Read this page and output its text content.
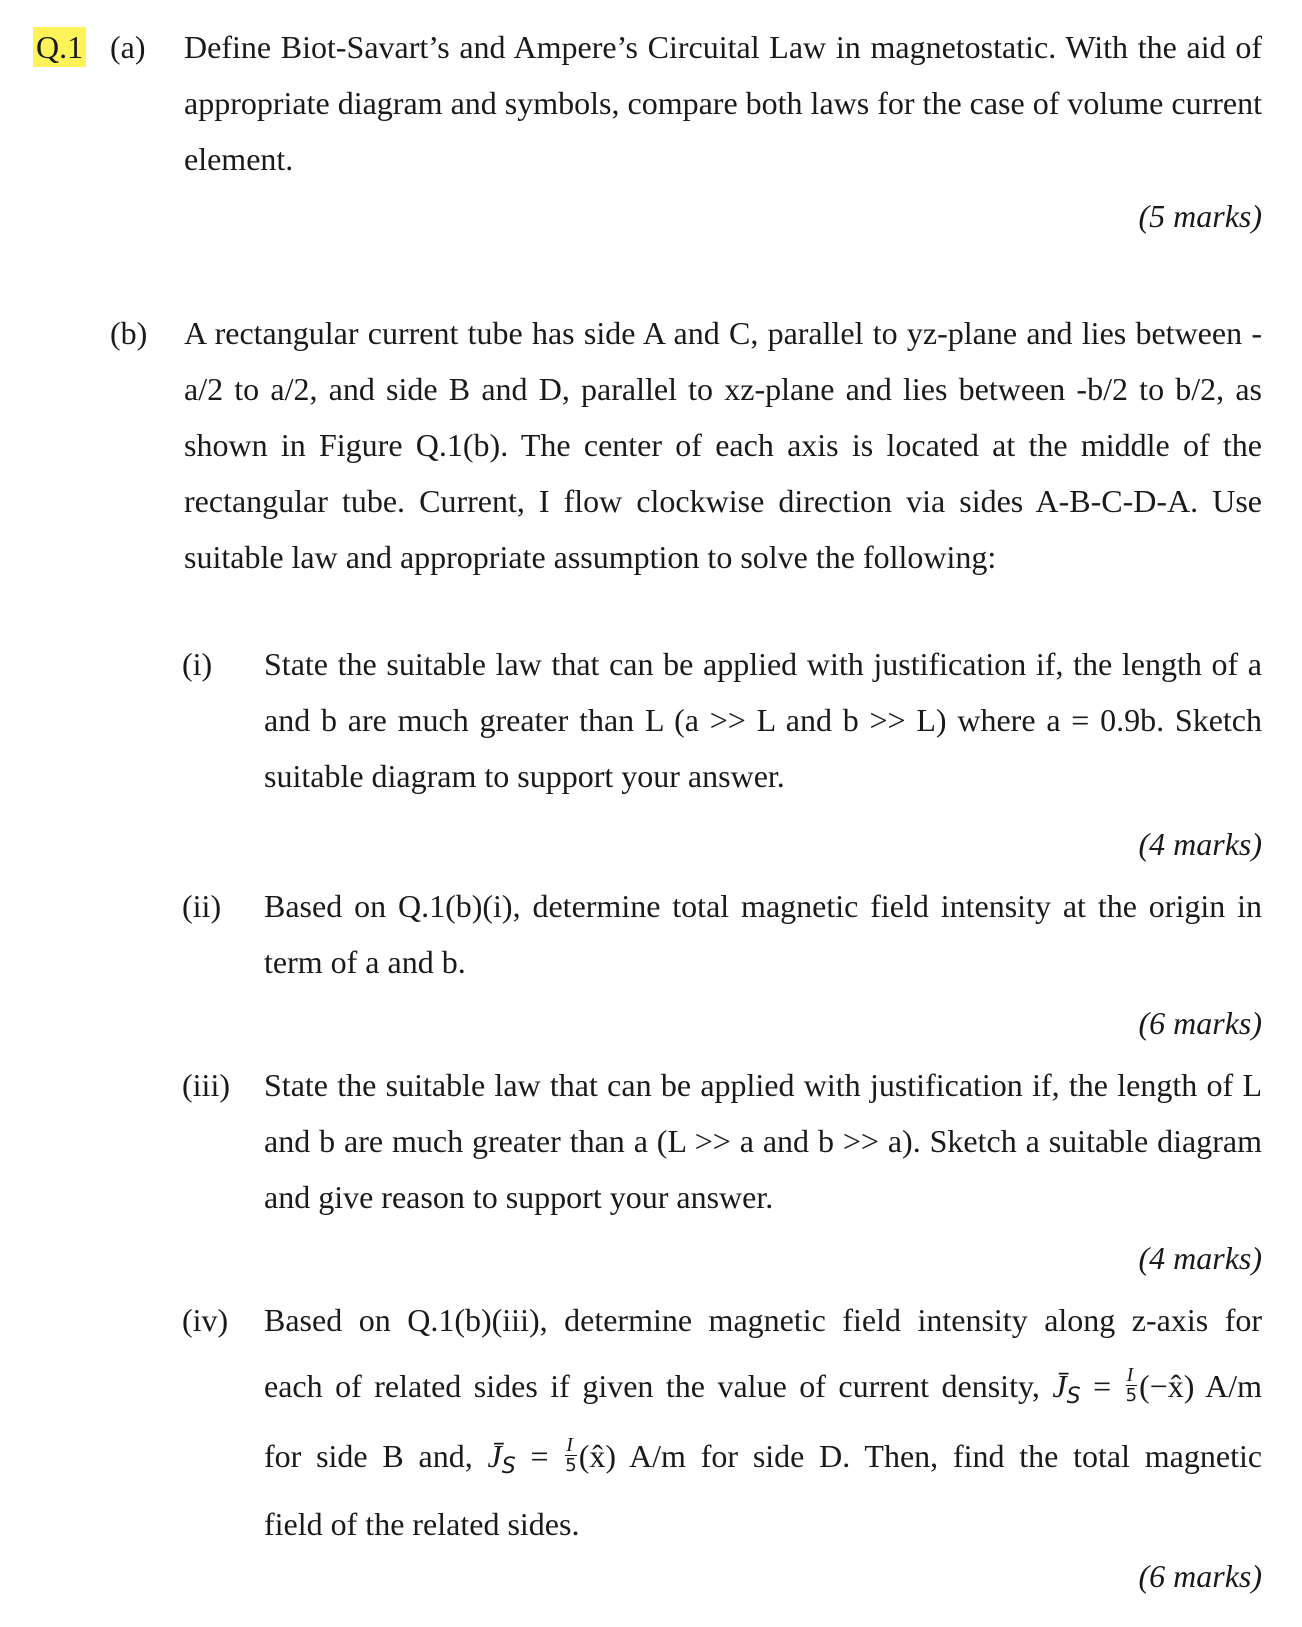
Q.1 (a) Define Biot-Savart’s and Ampere’s Circuital Law in magnetostatic. With the aid of appropriate diagram and symbols, compare both laws for the case of volume current element.

(5 marks)
(b) A rectangular current tube has side A and C, parallel to yz-plane and lies between -a/2 to a/2, and side B and D, parallel to xz-plane and lies between -b/2 to b/2, as shown in Figure Q.1(b). The center of each axis is located at the middle of the rectangular tube. Current, I flow clockwise direction via sides A-B-C-D-A. Use suitable law and appropriate assumption to solve the following:

(i) State the suitable law that can be applied with justification if, the length of a and b are much greater than L (a >> L and b >> L) where a = 0.9b. Sketch suitable diagram to support your answer.

(4 marks)
(ii) Based on Q.1(b)(i), determine total magnetic field intensity at the origin in term of a and b.

(6 marks)
(iii) State the suitable law that can be applied with justification if, the length of L and b are much greater than a (L >> a and b >> a). Sketch a suitable diagram and give reason to support your answer.

(4 marks)
(iv) Based on Q.1(b)(iii), determine magnetic field intensity along z-axis for
each of related sides if given the value of current density, J̄S = $\frac{I}{5}$ (−x̂) A/m
for side B and, J̄S = $\frac{I}{5}$ (x̂) A/m for side D. Then, find the total magnetic
field of the related sides.
(6 marks)
